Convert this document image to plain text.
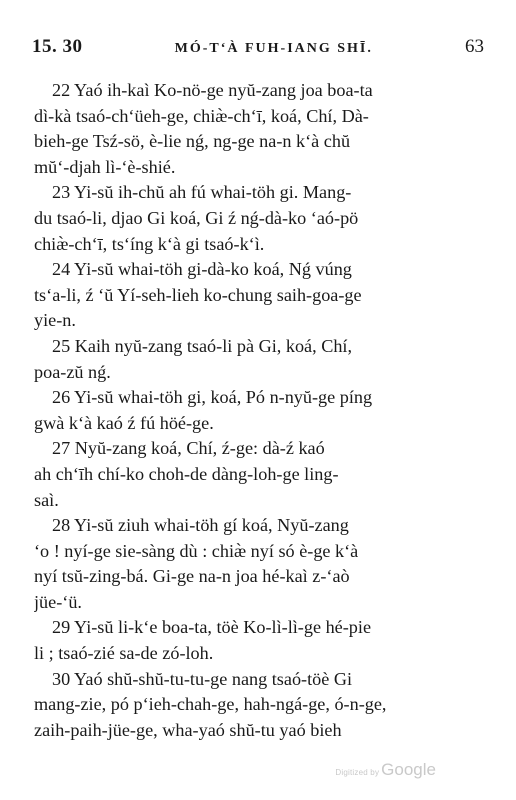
15. 30	MÓ-T‘À FUH-IANG SHĪ.	63
22 Yaó ih-kaì Ko-nö-ge nyŭ-zang joa boa-ta
dì-kà tsaó-ch‘üeh-ge, chiæ̀-ch‘ī, koá, Chí, Dà-
bieh-ge Tsź-sö, è-lie nǵ, ng-ge na-n k‘à chŭ
mŭ‘-djah lì-‘è-shié.
23 Yi-sŭ ih-chŭ ah fú whai-töh gi. Mang-
du tsaó-li, djao Gi koá, Gi ź nǵ-dà-ko ‘aó-pö
chiæ̀-ch‘ī, ts‘íng k‘à gi tsaó-k‘ì.
24 Yi-sŭ whai-töh gi-dà-ko koá, Nǵ vúng
ts‘a-li, ź ‘ŭ Yí-seh-lieh ko-chung saih-goa-ge
yie-n.
25 Kaih nyŭ-zang tsaó-li pà Gi, koá, Chí,
poa-zŭ nǵ.
26 Yi-sŭ whai-töh gi, koá, Pó n-nyŭ-ge píng
gwà k‘à kaó ź fú höé-ge.
27 Nyŭ-zang koá, Chí, ź-ge: dà-ź kaó
ah ch‘īh chí-ko choh-de dàng-loh-ge ling-
saì.
28 Yi-sŭ ziuh whai-töh gí koá, Nyŭ-zang
‘o ! nyí-ge sie-sàng dù : chiæ̀ nyí só è-ge k‘à
nyí tsŭ-zing-bá. Gi-ge na-n joa hé-kaì z-‘aò
jüe-‘ü.
29 Yi-sŭ li-k‘e boa-ta, töè Ko-lì-lì-ge hé-pie
li ; tsaó-zié sa-de zó-loh.
30 Yaó shŭ-shŭ-tu-tu-ge nang tsaó-töè Gi
mang-zie, pó p‘ieh-chah-ge, hah-ngá-ge, ó-n-ge,
zaih-paih-jüe-ge, wha-yaó shŭ-tu yaó bieh
Digitized by Google
